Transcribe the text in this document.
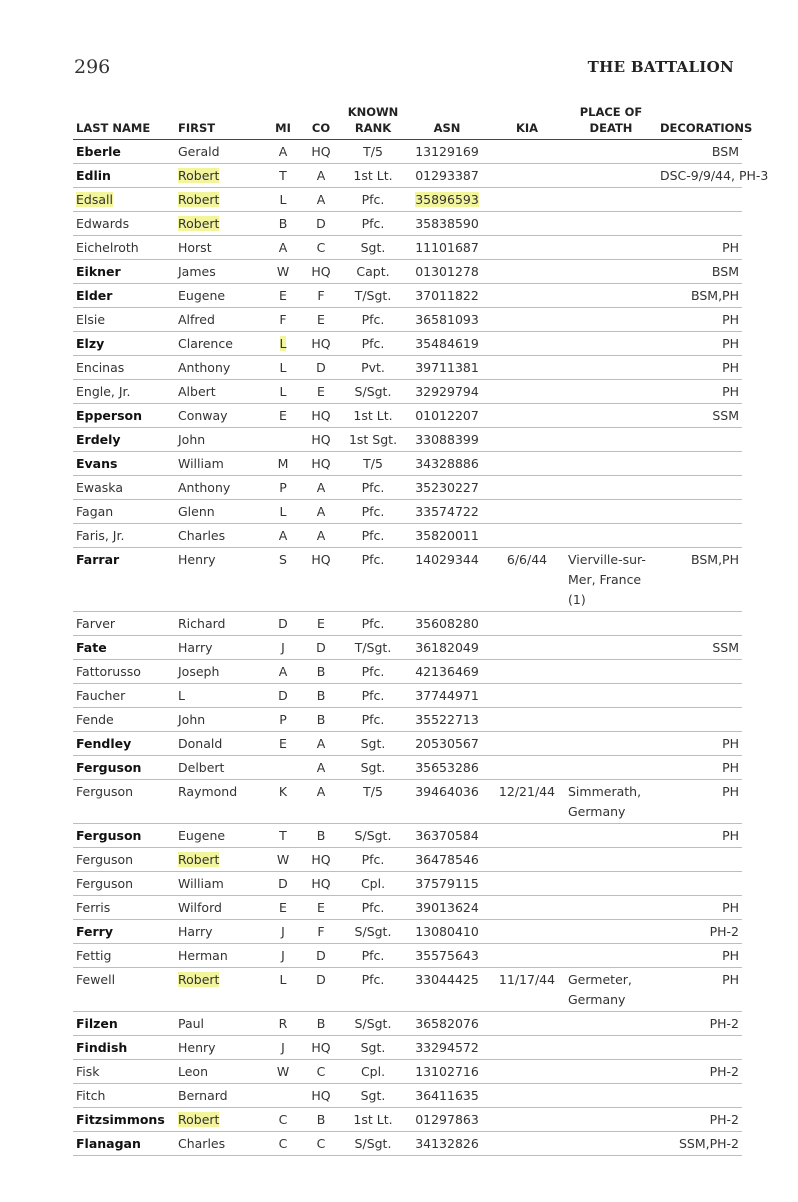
296	THE BATTALION
LAST NAME	FIRST	MI	CO	KNOWN RANK	ASN	KIA	PLACE OF DEATH	DECORATIONS
Eberle	Gerald	A	HQ	T/5	13129169			BSM
Edlin	Robert	T	A	1st Lt.	01293387			DSC-9/9/44, PH-3
Edsall	Robert	L	A	Pfc.	35896593			
Edwards	Robert	B	D	Pfc.	35838590			
Eichelroth	Horst	A	C	Sgt.	11101687			PH
Eikner	James	W	HQ	Capt.	01301278			BSM
Elder	Eugene	E	F	T/Sgt.	37011822			BSM,PH
Elsie	Alfred	F	E	Pfc.	36581093			PH
Elzy	Clarence	L	HQ	Pfc.	35484619			PH
Encinas	Anthony	L	D	Pvt.	39711381			PH
Engle, Jr.	Albert	L	E	S/Sgt.	32929794			PH
Epperson	Conway	E	HQ	1st Lt.	01012207			SSM
Erdely	John		HQ	1st Sgt.	33088399			
Evans	William	M	HQ	T/5	34328886			
Ewaska	Anthony	P	A	Pfc.	35230227			
Fagan	Glenn	L	A	Pfc.	33574722			
Faris, Jr.	Charles	A	A	Pfc.	35820011			
Farrar	Henry	S	HQ	Pfc.	14029344	6/6/44	Vierville-sur-Mer, France (1)	BSM,PH
Farver	Richard	D	E	Pfc.	35608280			
Fate	Harry	J	D	T/Sgt.	36182049			SSM
Fattorusso	Joseph	A	B	Pfc.	42136469			
Faucher	L	D	B	Pfc.	37744971			
Fende	John	P	B	Pfc.	35522713			
Fendley	Donald	E	A	Sgt.	20530567			PH
Ferguson	Delbert		A	Sgt.	35653286			PH
Ferguson	Raymond	K	A	T/5	39464036	12/21/44	Simmerath, Germany	PH
Ferguson	Eugene	T	B	S/Sgt.	36370584			PH
Ferguson	Robert	W	HQ	Pfc.	36478546			
Ferguson	William	D	HQ	Cpl.	37579115			
Ferris	Wilford	E	E	Pfc.	39013624			PH
Ferry	Harry	J	F	S/Sgt.	13080410			PH-2
Fettig	Herman	J	D	Pfc.	35575643			PH
Fewell	Robert	L	D	Pfc.	33044425	11/17/44	Germeter, Germany	PH
Filzen	Paul	R	B	S/Sgt.	36582076			PH-2
Findish	Henry	J	HQ	Sgt.	33294572			
Fisk	Leon	W	C	Cpl.	13102716			PH-2
Fitch	Bernard		HQ	Sgt.	36411635			
Fitzsimmons	Robert	C	B	1st Lt.	01297863			PH-2
Flanagan	Charles	C	C	S/Sgt.	34132826			SSM,PH-2
